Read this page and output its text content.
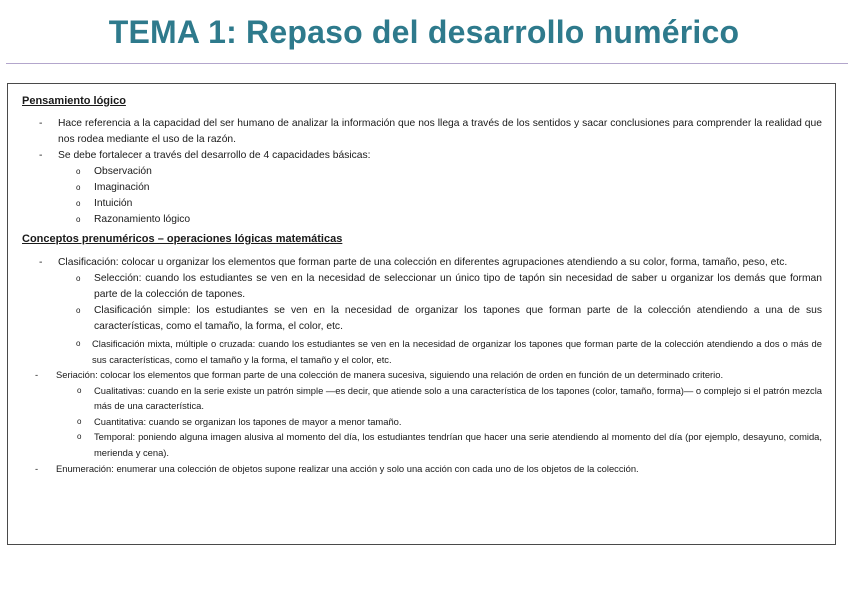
TEMA 1: Repaso del desarrollo numérico
Pensamiento lógico
- Hace referencia a la capacidad del ser humano de analizar la información que nos llega a través de los sentidos y sacar conclusiones para comprender la realidad que nos rodea mediante el uso de la razón.
- Se debe fortalecer a través del desarrollo de 4 capacidades básicas:
o Observación
o Imaginación
o Intuición
o Razonamiento lógico
Conceptos prenuméricos – operaciones lógicas matemáticas
- Clasificación: colocar u organizar los elementos que forman parte de una colección en diferentes agrupaciones atendiendo a su color, forma, tamaño, peso, etc.
o Selección: cuando los estudiantes se ven en la necesidad de seleccionar un único tipo de tapón sin necesidad de saber u organizar los demás que forman parte de la colección de tapones.
o Clasificación simple: los estudiantes se ven en la necesidad de organizar los tapones que forman parte de la colección atendiendo a una de sus características, como el tamaño, la forma, el color, etc.
o Clasificación mixta, múltiple o cruzada: cuando los estudiantes se ven en la necesidad de organizar los tapones que forman parte de la colección atendiendo a dos o más de sus características, como el tamaño y la forma, el tamaño y el color, etc.
- Seriación: colocar los elementos que forman parte de una colección de manera sucesiva, siguiendo una relación de orden en función de un determinado criterio.
o Cualitativas: cuando en la serie existe un patrón simple —es decir, que atiende solo a una característica de los tapones (color, tamaño, forma)— o complejo si el patrón mezcla más de una característica.
o Cuantitativa: cuando se organizan los tapones de mayor a menor tamaño.
o Temporal: poniendo alguna imagen alusiva al momento del día, los estudiantes tendrían que hacer una serie atendiendo al momento del día (por ejemplo, desayuno, comida, merienda y cena).
- Enumeración: enumerar una colección de objetos supone realizar una acción y solo una acción con cada uno de los objetos de la colección.
